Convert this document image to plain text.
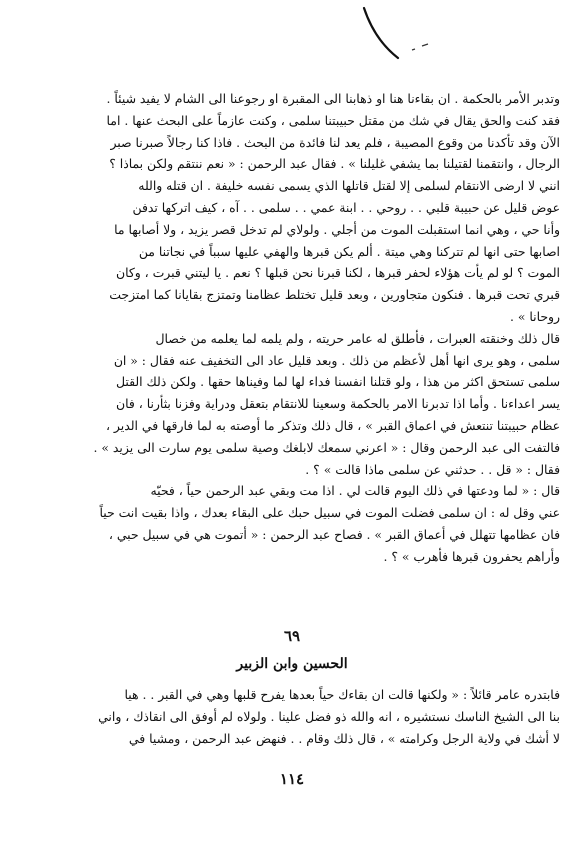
وتدبر الأمر بالحكمة . ان بقاءنا هنا او ذهابنا الى المقبرة او رجوعنا الى الشام لا يفيد شيئاً .
فقد كنت والحق يقال في شك من مقتل حبيبتنا سلمى ، وكنت عازماً على البحث عنها . اما
الآن وقد تأكدنا من وقوع المصيبة ، فلم يعد لنا فائدة من البحث . فاذا كنا رجالاً صبرنا صبر
الرجال ، وانتقمنا لقتيلنا بما يشفي غليلنا » . فقال عبد الرحمن : « نعم ننتقم ولكن بماذا ؟
انني لا ارضى الانتقام لسلمى إلا لقتل قاتلها الذي يسمى نفسه خليفة . ان قتله والله
عوض قليل عن حبيبة قلبي . . روحي . . ابنة عمي . . سلمى . . آه ، كيف اتركها تدفن
وأنا حي ، وهي انما استقبلت الموت من أجلي . ولولاي لم تدخل قصر يزيد ، ولا أصابها ما
اصابها حتى انها لم تتركنا وهي ميتة . ألم يكن قبرها والهفي عليها سبباً في نجاتنا من
الموت ؟ لو لم يأت هؤلاء لحفر قبرها ، لكنا قبرنا نحن قبلها ؟ نعم . يا ليتني قبرت ، وكان
قبري تحت قبرها . فنكون متجاورين ، وبعد قليل تختلط عظامنا وتمتزج بقايانا كما امتزجت
روحانا » .
قال ذلك وخنقته العبرات ، فأطلق له عامر حريته ، ولم يلمه لما يعلمه من خصال
سلمى ، وهو يرى انها أهل لأعظم من ذلك . وبعد قليل عاد الى التخفيف عنه فقال : « ان
سلمى تستحق اكثر من هذا ، ولو قتلنا انفسنا فداء لها لما وفيناها حقها . ولكن ذلك القتل
يسر اعداءنا . وأما اذا تدبرنا الامر بالحكمة وسعينا للانتقام بتعقل ودراية وفزنا بثأرنا ، فان
عظام حبيبتنا تنتعش في اعماق القبر » ، قال ذلك وتذكر ما أوصته به لما فارقها في الدير ،
فالتفت الى عبد الرحمن وقال : « اعرني سمعك لابلغك وصية سلمى يوم سارت الى يزيد » .
فقال : « قل . . حدثني عن سلمى ماذا قالت » ؟ .
قال : « لما ودعتها في ذلك اليوم قالت لي . اذا مت وبقي عبد الرحمن حياً ، فحيّه
عني وقل له : ان سلمى فضلت الموت في سبيل حبك على البقاء بعدك ، واذا بقيت انت حياً
فان عظامها تتهلل في أعماق القبر » . فصاح عبد الرحمن : « أتموت هي في سبيل حبي ،
وأراهم يحفرون قبرها فأهرب » ؟ .
٦٩
الحسين وابن الزبير
فابتدره عامر قائلاً : « ولكنها قالت ان بقاءك حياً بعدها يفرح قلبها وهي في القبر . . هيا
بنا الى الشيخ الناسك نستشيره ، انه والله ذو فضل علينا . ولولاه لم أوفق الى انقاذك ، واني
لا أشك في ولاية الرجل وكرامته » ، قال ذلك وقام . . فنهض عبد الرحمن ، ومشيا في
١١٤
